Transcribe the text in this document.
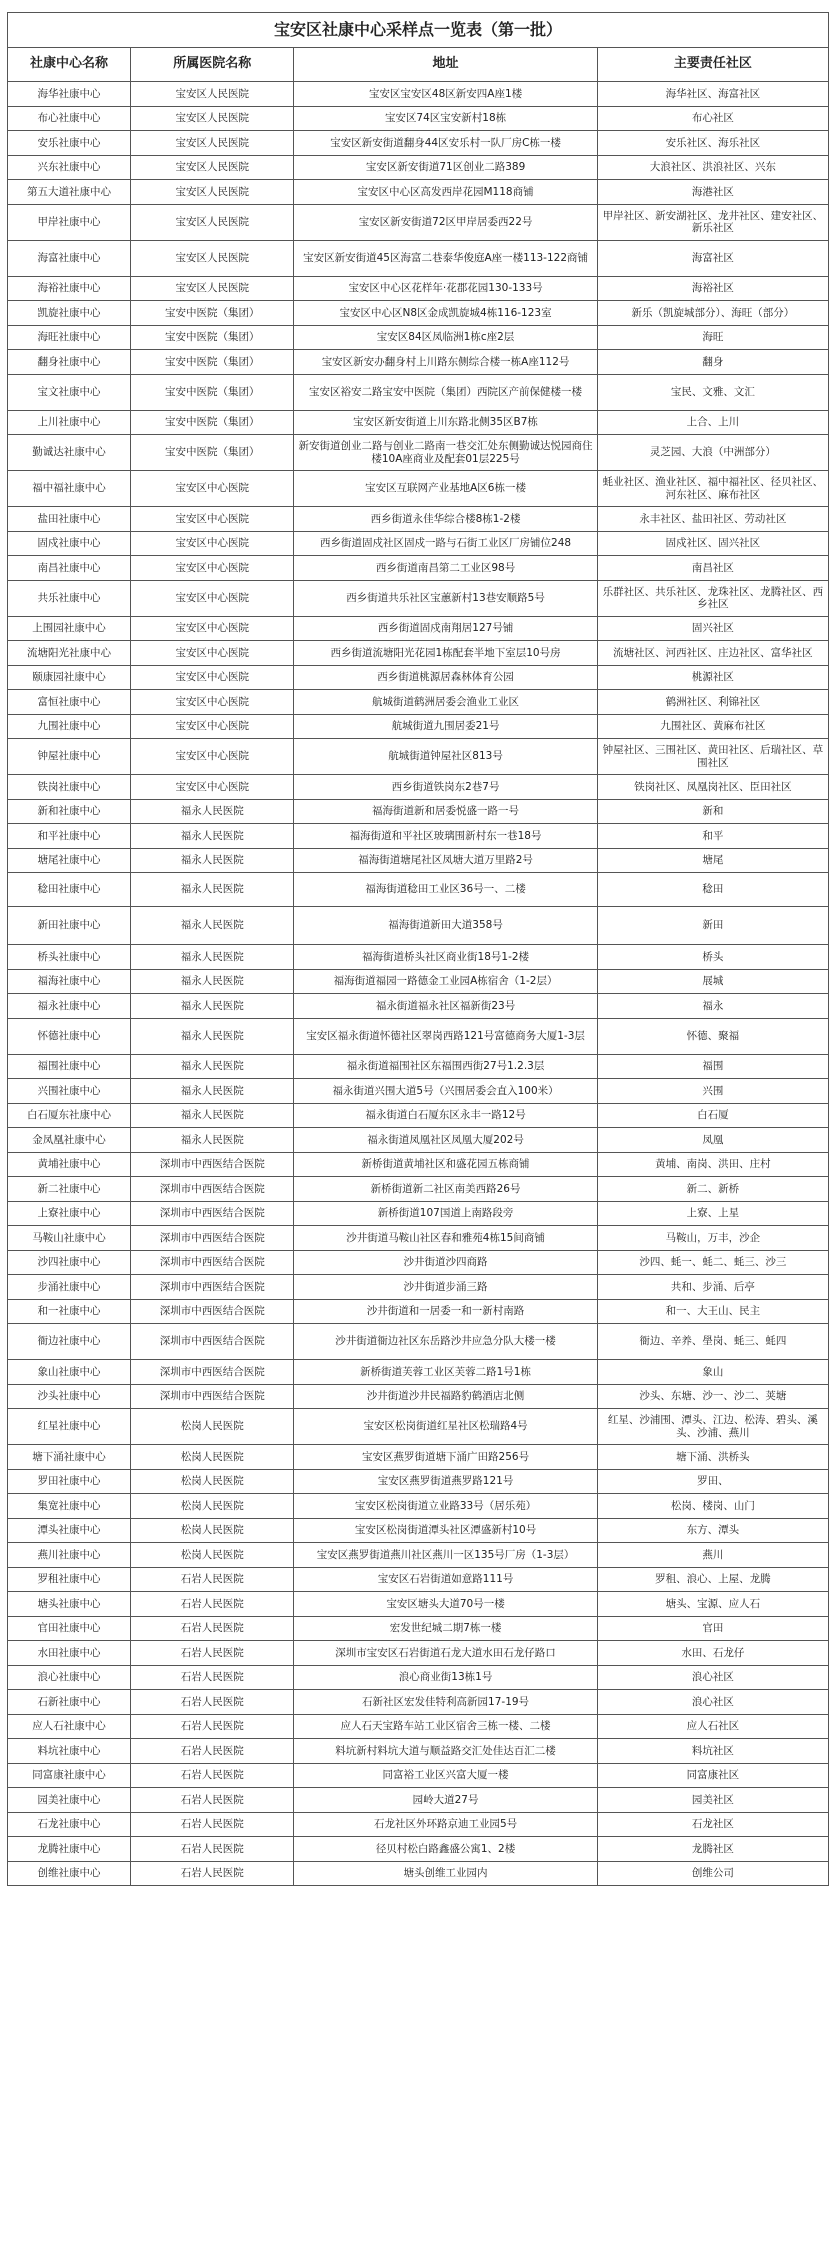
宝安区社康中心采样点一览表（第一批）			
社康中心名称	所属医院名称	地址	主要责任社区
海华社康中心	宝安区人民医院	宝安区宝安区48区新安四A座1楼	海华社区、海富社区
布心社康中心	宝安区人民医院	宝安区74区宝安新村18栋	布心社区
安乐社康中心	宝安区人民医院	宝安区新安街道翻身44区安乐村一队厂房C栋一楼	安乐社区、海乐社区
兴东社康中心	宝安区人民医院	宝安区新安街道71区创业二路389	大浪社区、洪浪社区、兴东
第五大道社康中心	宝安区人民医院	宝安区中心区高发西岸花园M118商铺	海港社区
甲岸社康中心	宝安区人民医院	宝安区新安街道72区甲岸居委西22号	甲岸社区、新安湖社区、龙井社区、建安社区、新乐社区
海富社康中心	宝安区人民医院	宝安区新安街道45区海富二巷泰华俊庭A座一楼113-122商铺	海富社区
海裕社康中心	宝安区人民医院	宝安区中心区花样年·花郡花园130-133号	海裕社区
凯旋社康中心	宝安中医院（集团）	宝安区中心区N8区金成凯旋城4栋116-123室	新乐（凯旋城部分）、海旺（部分）
海旺社康中心	宝安中医院（集团）	宝安区84区凤临洲1栋c座2层	海旺
翻身社康中心	宝安中医院（集团）	宝安区新安办翻身村上川路东侧综合楼一栋A座112号	翻身
宝文社康中心	宝安中医院（集团）	宝安区裕安二路宝安中医院（集团）西院区产前保健楼一楼	宝民、文雅、文汇
上川社康中心	宝安中医院（集团）	宝安区新安街道上川东路北侧35区B7栋	上合、上川
勤诚达社康中心	宝安中医院（集团）	新安街道创业二路与创业二路南一巷交汇处东侧勤诚达悦园商住楼10A座商业及配套01层225号	灵芝园、大浪（中洲部分）
福中福社康中心	宝安区中心医院	宝安区互联网产业基地A区6栋一楼	蚝业社区、渔业社区、福中福社区、径贝社区、河东社区、麻布社区
盐田社康中心	宝安区中心医院	西乡街道永佳华综合楼8栋1-2楼	永丰社区、盐田社区、劳动社区
固戍社康中心	宝安区中心医院	西乡街道固戍社区固戍一路与石街工业区厂房铺位248	固戍社区、固兴社区
南昌社康中心	宝安区中心医院	西乡街道南昌第二工业区98号	南昌社区
共乐社康中心	宝安区中心医院	西乡街道共乐社区宝蕙新村13巷安顺路5号	乐群社区、共乐社区、龙珠社区、龙腾社区、西乡社区
上围园社康中心	宝安区中心医院	西乡街道固戍南翔居127号铺	固兴社区
流塘阳光社康中心	宝安区中心医院	西乡街道流塘阳光花园1栋配套半地下室层10号房	流塘社区、河西社区、庄边社区、富华社区
颐康园社康中心	宝安区中心医院	西乡街道桃源居森林体育公园	桃源社区
富恒社康中心	宝安区中心医院	航城街道鹤洲居委会渔业工业区	鹤洲社区、利锦社区
九围社康中心	宝安区中心医院	航城街道九围居委21号	九围社区、黄麻布社区
钟屋社康中心	宝安区中心医院	航城街道钟屋社区813号	钟屋社区、三围社区、黄田社区、后瑞社区、草围社区
铁岗社康中心	宝安区中心医院	西乡街道铁岗东2巷7号	铁岗社区、凤凰岗社区、臣田社区
新和社康中心	福永人民医院	福海街道新和居委悦盛一路一号	新和
和平社康中心	福永人民医院	福海街道和平社区玻璃围新村东一巷18号	和平
塘尾社康中心	福永人民医院	福海街道塘尾社区凤塘大道万里路2号	塘尾
稔田社康中心	福永人民医院	福海街道稔田工业区36号一、二楼	稔田
新田社康中心	福永人民医院	福海街道新田大道358号	新田
桥头社康中心	福永人民医院	福海街道桥头社区商业街18号1-2楼	桥头
福海社康中心	福永人民医院	福海街道福园一路德金工业园A栋宿舍（1-2层）	展城
福永社康中心	福永人民医院	福永街道福永社区福新街23号	福永
怀德社康中心	福永人民医院	宝安区福永街道怀德社区翠岗西路121号富德商务大厦1-3层	怀德、聚福
福围社康中心	福永人民医院	福永街道福围社区东福围西街27号1.2.3层	福围
兴围社康中心	福永人民医院	福永街道兴围大道5号（兴围居委会直入100米）	兴围
白石厦东社康中心	福永人民医院	福永街道白石厦东区永丰一路12号	白石厦
金凤凰社康中心	福永人民医院	福永街道凤凰社区凤凰大厦202号	凤凰
黄埔社康中心	深圳市中西医结合医院	新桥街道黄埔社区和盛花园五栋商铺	黄埔、南岗、洪田、庄村
新二社康中心	深圳市中西医结合医院	新桥街道新二社区南美西路26号	新二、新桥
上寮社康中心	深圳市中西医结合医院	新桥街道107国道上南路段旁	上寮、上星
马鞍山社康中心	深圳市中西医结合医院	沙井街道马鞍山社区春和雅苑4栋15间商铺	马鞍山，万丰，沙企
沙四社康中心	深圳市中西医结合医院	沙井街道沙四商路	沙四、蚝一、蚝二、蚝三、沙三
步涌社康中心	深圳市中西医结合医院	沙井街道步涌三路	共和、步涌、后亭
和一社康中心	深圳市中西医结合医院	沙井街道和一居委一和一新村南路	和一、大王山、民主
衙边社康中心	深圳市中西医结合医院	沙井街道衙边社区东岳路沙井应急分队大楼一楼	衙边、辛养、壆岗、蚝三、蚝四
象山社康中心	深圳市中西医结合医院	新桥街道芙蓉工业区芙蓉二路1号1栋	象山
沙头社康中心	深圳市中西医结合医院	沙井街道沙井民福路豹鹤酒店北侧	沙头、东塘、沙一、沙二、荚塘
红星社康中心	松岗人民医院	宝安区松岗街道红星社区松瑞路4号	红星、沙浦围、潭头、江边、松涛、碧头、溪头、沙浦、燕川
塘下涌社康中心	松岗人民医院	宝安区燕罗街道塘下涌广田路256号	塘下涌、洪桥头
罗田社康中心	松岗人民医院	宝安区燕罗街道燕罗路121号	罗田、
集宽社康中心	松岗人民医院	宝安区松岗街道立业路33号（居乐苑）	松岗、楼岗、山门
潭头社康中心	松岗人民医院	宝安区松岗街道潭头社区潭盛新村10号	东方、潭头
燕川社康中心	松岗人民医院	宝安区燕罗街道燕川社区燕川一区135号厂房（1-3层）	燕川
罗租社康中心	石岩人民医院	宝安区石岩街道如意路111号	罗租、浪心、上屋、龙腾
塘头社康中心	石岩人民医院	宝安区塘头大道70号一楼	塘头、宝源、应人石
官田社康中心	石岩人民医院	宏发世纪城二期7栋一楼	官田
水田社康中心	石岩人民医院	深圳市宝安区石岩街道石龙大道水田石龙仔路口	水田、石龙仔
浪心社康中心	石岩人民医院	浪心商业街13栋1号	浪心社区
石新社康中心	石岩人民医院	石新社区宏发佳特利高新园17-19号	浪心社区
应人石社康中心	石岩人民医院	应人石天宝路车站工业区宿舍三栋一楼、二楼	应人石社区
料坑社康中心	石岩人民医院	料坑新村料坑大道与顺益路交汇处佳达百汇二楼	料坑社区
同富康社康中心	石岩人民医院	同富裕工业区兴富大厦一楼	同富康社区
园美社康中心	石岩人民医院	园岭大道27号	园美社区
石龙社康中心	石岩人民医院	石龙社区外环路京迪工业园5号	石龙社区
龙腾社康中心	石岩人民医院	径贝村松白路鑫盛公寓1、2楼	龙腾社区
创维社康中心	石岩人民医院	塘头创维工业园内	创维公司
